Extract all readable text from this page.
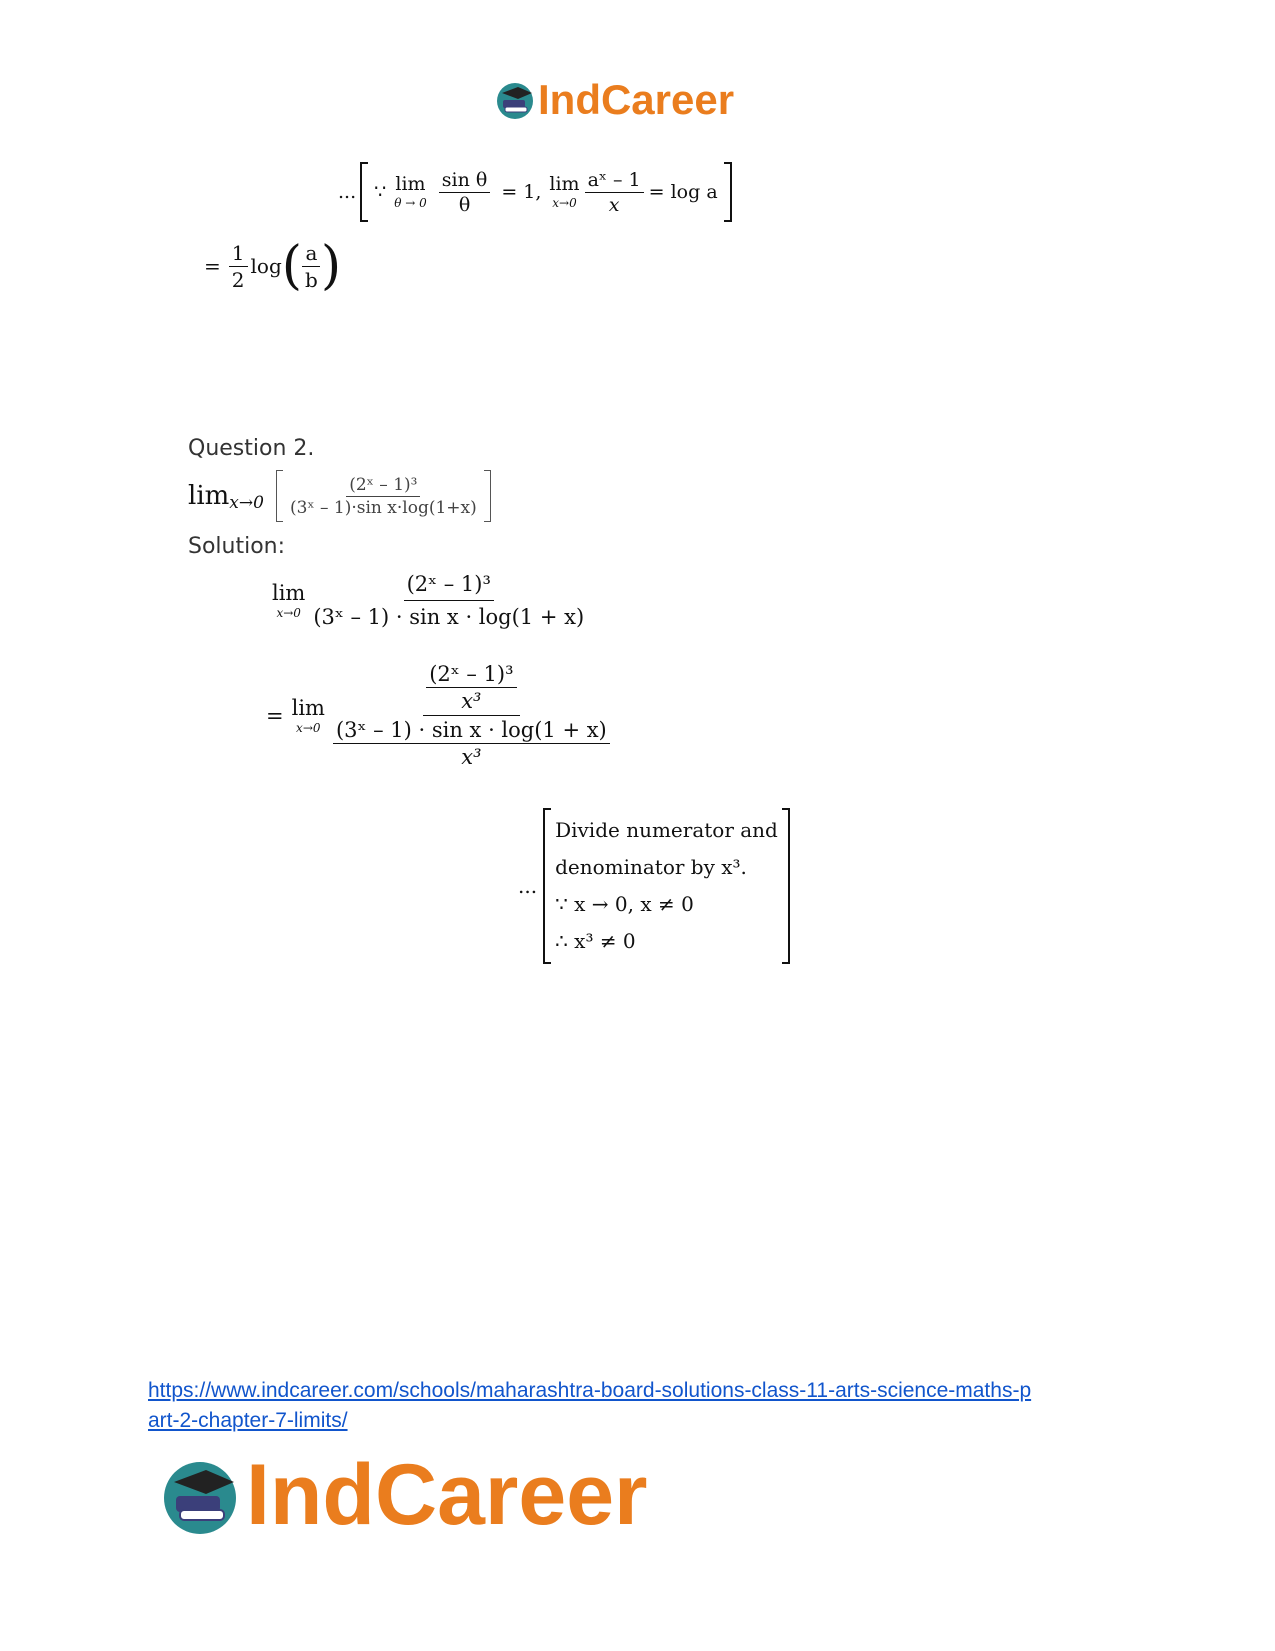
IndCareer
... ∵ lim
$\theta \to 0 \frac{\text{sin θ}}{\theta} = 1$, lim
$x\to 0 \frac{\text{aˣ – 1}}{x} = \log a$
= $\frac{1}{2}$ log ( $\frac{a}{b}$ )
Question 2.
$\lim x\to 0 \frac{\text{(2ˣ – 1)³}}{\text{(3ˣ – 1)·sin x·log(1+x)}}$
Solution:
lim
$x\to 0 \frac{\text{(2ˣ – 1)³}}{\text{(3ˣ – 1) · sin x · log(1 + x)}}$
= lim
$x\to 0 \frac{\frac{\text{(2ˣ – 1)³}}{\text{x³}}}{\frac{\text{(3ˣ – 1) · sin x · log(1 + x)}}{\text{x³}}}$
...
Divide numerator and
denominator by x³.
∵ x → 0, x ≠ 0
∴ x³ ≠ 0
https://www.indcareer.com/schools/maharashtra-board-solutions-class-11-arts-science-maths-p
art-2-chapter-7-limits/
IndCareer
